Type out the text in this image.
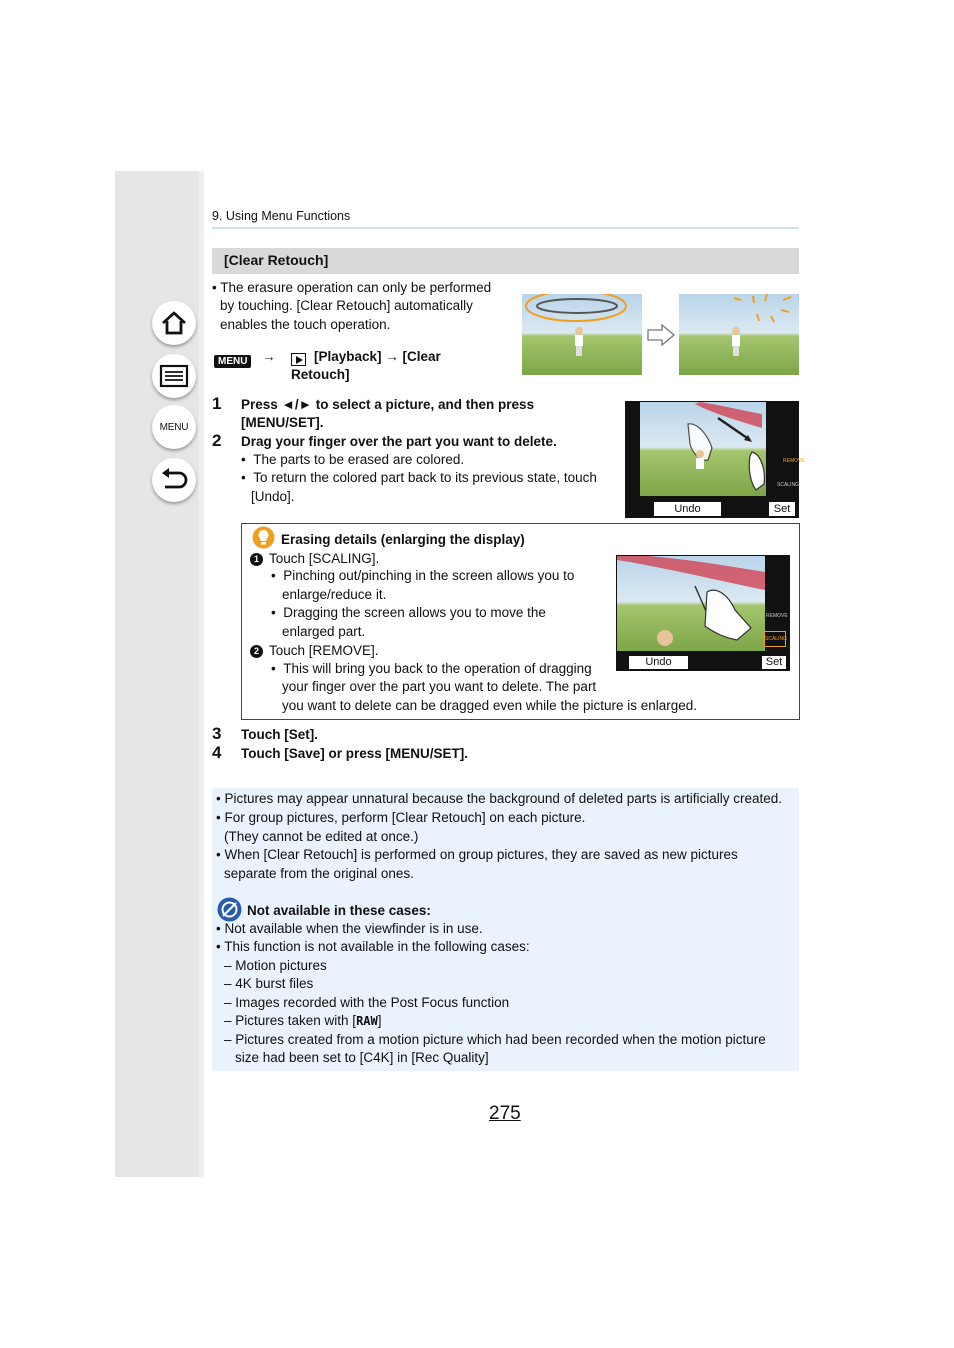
MENU
9. Using Menu Functions
[Clear Retouch]
• The erasure operation can only be performed
by touching. [Clear Retouch] automatically
enables the touch operation.
MENU →	[Playback] → [Clear
Retouch]
1 Press ◄/► to select a picture, and then press
[MENU/SET].
2 Drag your finger over the part you want to delete.
•  The parts to be erased are colored.
•  To return the colored part back to its previous state, touch
[Undo].
REMOVE
SCALING
Undo	Set
Erasing details (enlarging the display)
1 Touch [SCALING].
•  Pinching out/pinching in the screen allows you to
enlarge/reduce it.
•  Dragging the screen allows you to move the
enlarged part.
2 Touch [REMOVE].
•  This will bring you back to the operation of dragging
your finger over the part you want to delete. The part
you want to delete can be dragged even while the picture is enlarged.
REMOVE
SCALING
Undo	Set
3 Touch [Set].
4 Touch [Save] or press [MENU/SET].
• Pictures may appear unnatural because the background of deleted parts is artificially created.
• For group pictures, perform [Clear Retouch] on each picture.
(They cannot be edited at once.)
• When [Clear Retouch] is performed on group pictures, they are saved as new pictures
separate from the original ones.
Not available in these cases:
• Not available when the viewfinder is in use.
• This function is not available in the following cases:
– Motion pictures
– 4K burst files
– Images recorded with the Post Focus function
– Pictures taken with [RAW]
– Pictures created from a motion picture which had been recorded when the motion picture
size had been set to [C4K] in [Rec Quality]
275
